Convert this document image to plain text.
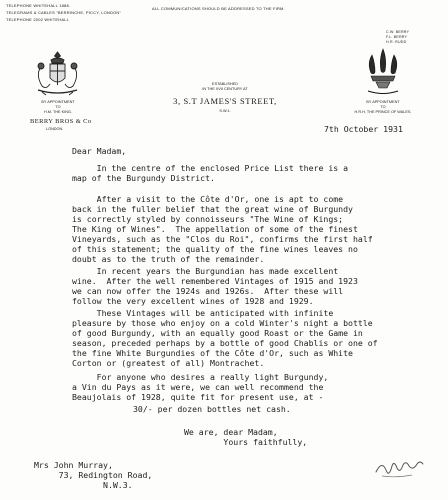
TELEPHONE WHITEHALL 1888.
TELEGRAMS & CABLES "BERRINCHE, PICCY, LONDON"
TELEPHONE 2002 WHITEHALL
ALL COMMUNICATIONS SHOULD BE ADDRESSED TO THE FIRM.
C.W. BERRY
F.L. BERRY
H.R. RUDD
BY APPOINTMENT
TO
H.M. THE KING.
BY APPOINTMENT
TO
H.R.H. THE PRINCE OF WALES.
BERRY BROS & Co
LONDON.
ESTABLISHED
IN THE XVII CENTURY AT
3, S.T JAMES'S STREET,
S.W.1.
7th October 1931
Dear Madam,
In the centre of the enclosed Price List there is a
map of the Burgundy District.
After a visit to the Côte d'Or, one is apt to come
back in the fuller belief that the great wine of Burgundy
is correctly styled by connoisseurs "The Wine of Kings;
The King of Wines".  The appellation of some of the finest
Vineyards, such as the "Clos du Roi", confirms the first half
of this statement; the quality of the fine wines leaves no
doubt as to the truth of the remainder.
In recent years the Burgundian has made excellent
wine.  After the well remembered Vintages of 1915 and 1923
we can now offer the 1924s and 1926s.  After these will
follow the very excellent wines of 1928 and 1929.
These Vintages will be anticipated with infinite
pleasure by those who enjoy on a cold Winter's night a bottle
of good Burgundy, with an equally good Roast or the Game in
season, preceded perhaps by a bottle of good Chablis or one of
the fine White Burgundies of the Côte d'Or, such as White
Corton or (greatest of all) Montrachet.
For anyone who desires a really light Burgundy,
a Vin du Pays as it were, we can well recommend the
Beaujolais of 1928, quite fit for present use, at -
30/- per dozen bottles net cash.
We are, dear Madam,
Yours faithfully,
Mrs John Murray,
73, Redington Road,
N.W.3.
